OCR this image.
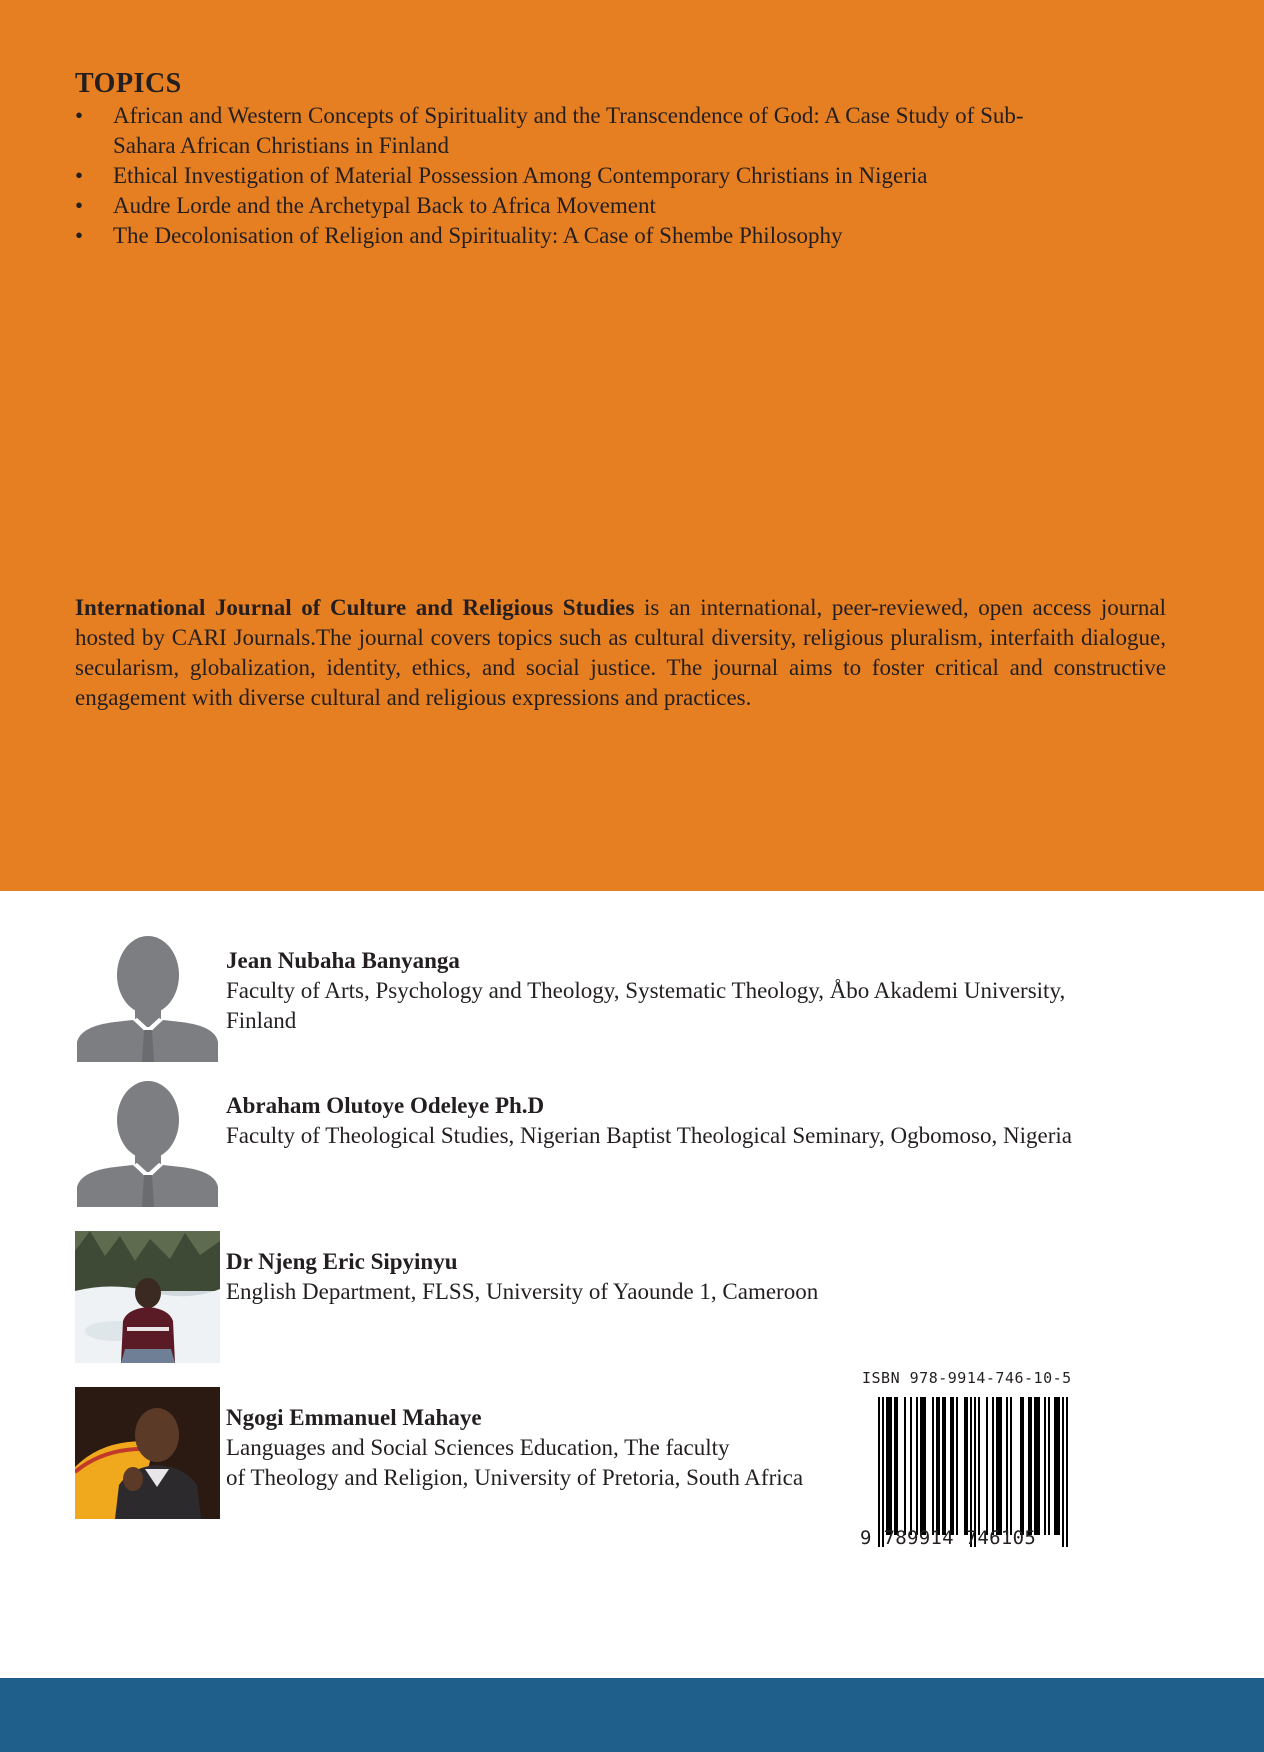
TOPICS
• African and Western Concepts of Spirituality and the Transcendence of God: A Case Study of Sub-Sahara African Christians in Finland
• Ethical Investigation of Material Possession Among Contemporary Christians in Nigeria
• Audre Lorde and the Archetypal Back to Africa Movement
• The Decolonisation of Religion and Spirituality: A Case of Shembe Philosophy

International Journal of Culture and Religious Studies is an international, peer-reviewed, open access journal hosted by CARI Journals.The journal covers topics such as cultural diversity, religious pluralism, interfaith dialogue, secularism, globalization, identity, ethics, and social justice. The journal aims to foster critical and constructive engagement with diverse cultural and religious expressions and practices.

Jean Nubaha Banyanga
Faculty of Arts, Psychology and Theology, Systematic Theology, Åbo Akademi University,
Finland
Abraham Olutoye Odeleye Ph.D
Faculty of Theological Studies, Nigerian Baptist Theological Seminary, Ogbomoso, Nigeria
Dr Njeng Eric Sipyinyu
English Department, FLSS, University of Yaounde 1, Cameroon
Ngogi Emmanuel Mahaye
Languages and Social Sciences Education, The faculty
of Theology and Religion, University of Pretoria, South Africa
ISBN 978-9914-746-10-5
9 789914 746105
